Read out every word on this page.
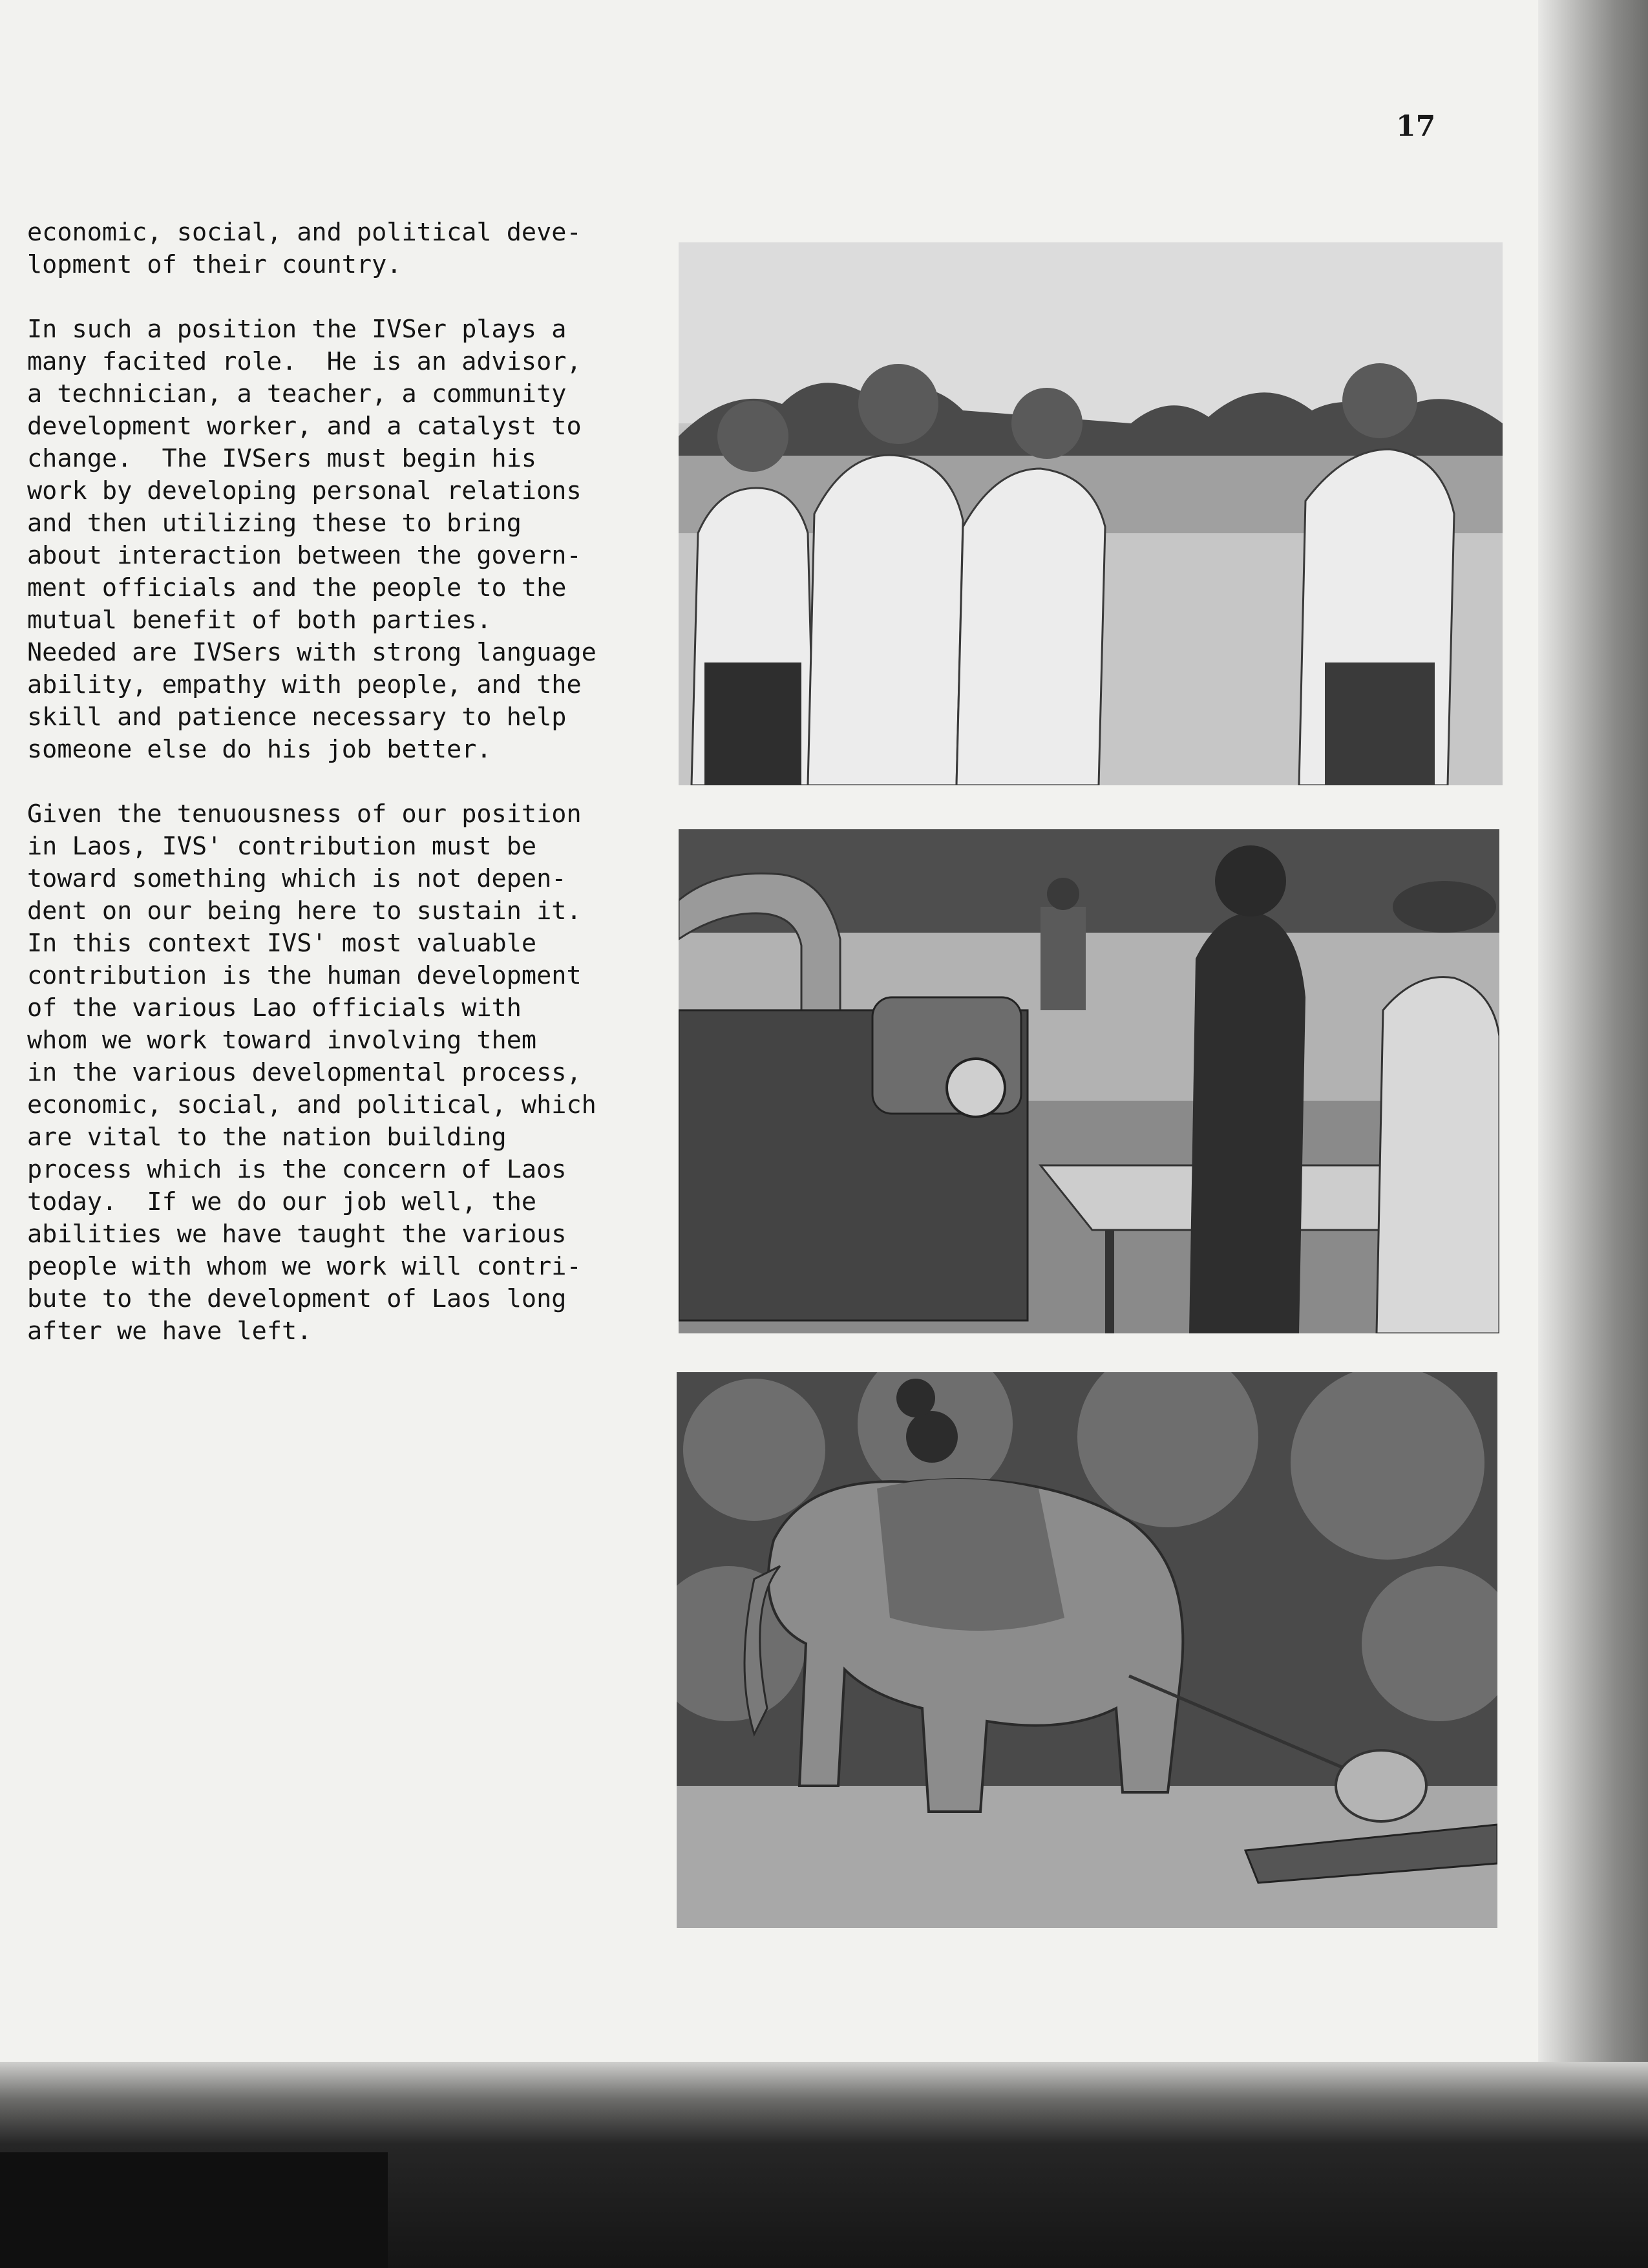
17

economic, social, and political deve-
lopment of their country.

In such a position the IVSer plays a
many facited role.  He is an advisor,
a technician, a teacher, a community
development worker, and a catalyst to
change.  The IVSers must begin his
work by developing personal relations
and then utilizing these to bring
about interaction between the govern-
ment officials and the people to the
mutual benefit of both parties.
Needed are IVSers with strong language
ability, empathy with people, and the
skill and patience necessary to help
someone else do his job better.

Given the tenuousness of our position
in Laos, IVS' contribution must be
toward something which is not depen-
dent on our being here to sustain it.
In this context IVS' most valuable
contribution is the human development
of the various Lao officials with
whom we work toward involving them
in the various developmental process,
economic, social, and political, which
are vital to the nation building
process which is the concern of Laos
today.  If we do our job well, the
abilities we have taught the various
people with whom we work will contri-
bute to the development of Laos long
after we have left.
